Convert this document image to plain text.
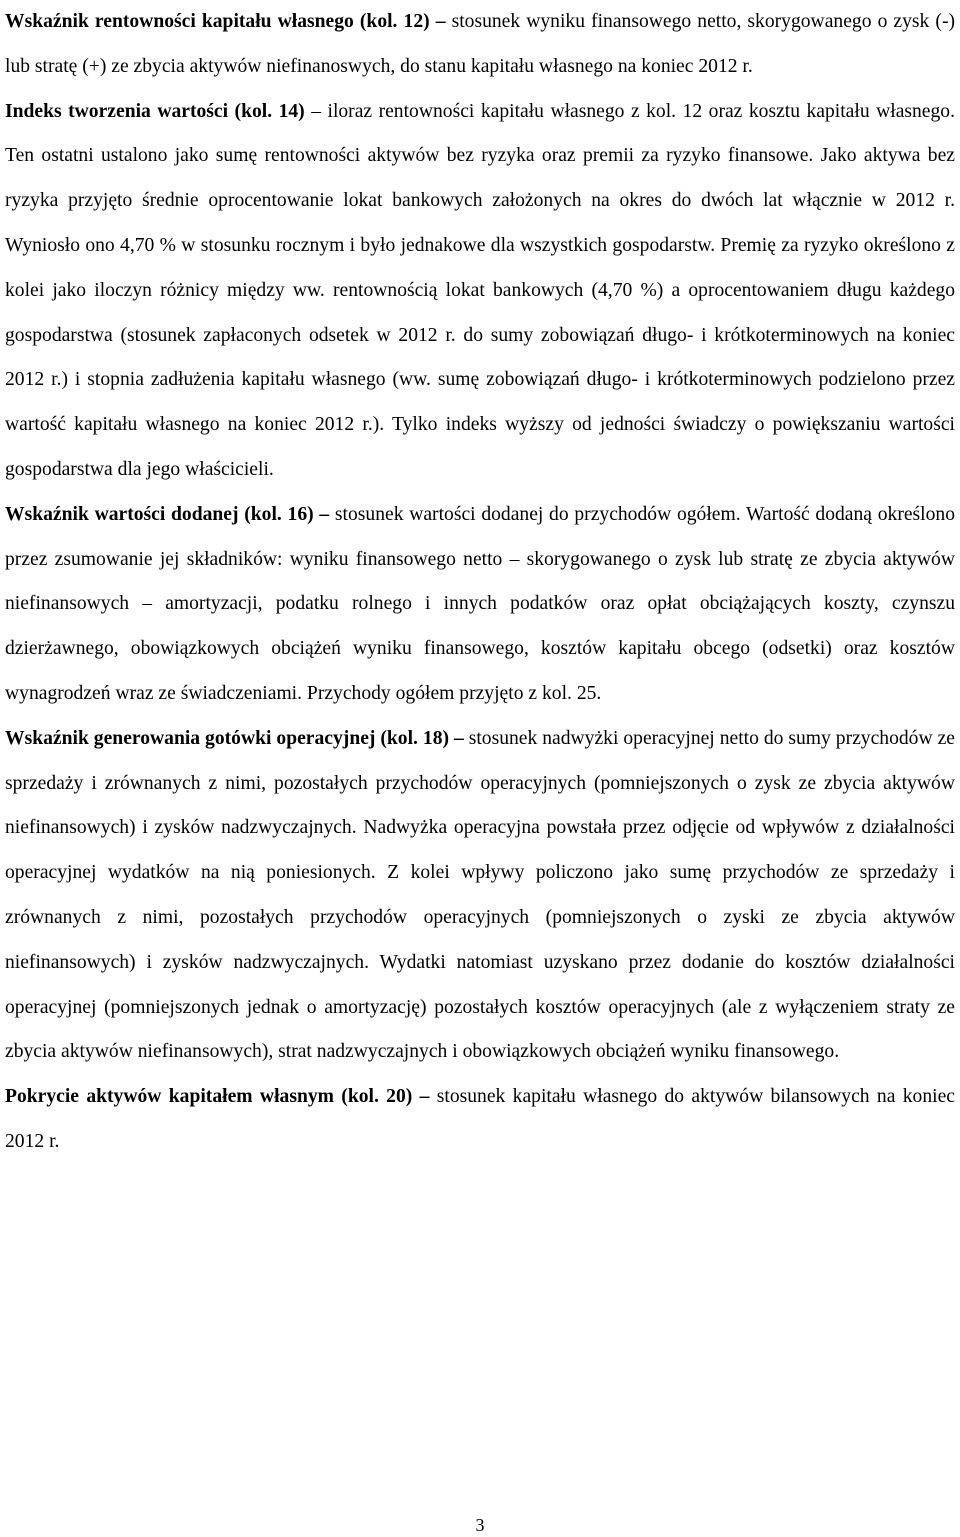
Wskaźnik rentowności kapitału własnego (kol. 12) – stosunek wyniku finansowego netto, skorygowanego o zysk (-) lub stratę (+) ze zbycia aktywów niefinanoswych, do stanu kapitału własnego na koniec 2012 r.

Indeks tworzenia wartości (kol. 14) – iloraz rentowności kapitału własnego z kol. 12 oraz kosztu kapitału własnego. Ten ostatni ustalono jako sumę rentowności aktywów bez ryzyka oraz premii za ryzyko finansowe. Jako aktywa bez ryzyka przyjęto średnie oprocentowanie lokat bankowych założonych na okres do dwóch lat włącznie w 2012 r. Wyniosło ono 4,70 % w stosunku rocznym i było jednakowe dla wszystkich gospodarstw. Premię za ryzyko określono z kolei jako iloczyn różnicy między ww. rentownością lokat bankowych (4,70 %) a oprocentowaniem długu każdego gospodarstwa (stosunek zapłaconych odsetek w 2012 r. do sumy zobowiązań długo- i krótkoterminowych na koniec 2012 r.) i stopnia zadłużenia kapitału własnego (ww. sumę zobowiązań długo- i krótkoterminowych podzielono przez wartość kapitału własnego na koniec 2012 r.). Tylko indeks wyższy od jedności świadczy o powiększaniu wartości gospodarstwa dla jego właścicieli.

Wskaźnik wartości dodanej (kol. 16) – stosunek wartości dodanej do przychodów ogółem. Wartość dodaną określono przez zsumowanie jej składników: wyniku finansowego netto – skorygowanego o zysk lub stratę ze zbycia aktywów niefinansowych – amortyzacji, podatku rolnego i innych podatków oraz opłat obciążających koszty, czynszu dzierżawnego, obowiązkowych obciążeń wyniku finansowego, kosztów kapitału obcego (odsetki) oraz kosztów wynagrodzeń wraz ze świadczeniami. Przychody ogółem przyjęto z kol. 25.

Wskaźnik generowania gotówki operacyjnej (kol. 18) – stosunek nadwyżki operacyjnej netto do sumy przychodów ze sprzedaży i zrównanych z nimi, pozostałych przychodów operacyjnych (pomniejszonych o zysk ze zbycia aktywów niefinansowych) i zysków nadzwyczajnych. Nadwyżka operacyjna powstała przez odjęcie od wpływów z działalności operacyjnej wydatków na nią poniesionych. Z kolei wpływy policzono jako sumę przychodów ze sprzedaży i zrównanych z nimi, pozostałych przychodów operacyjnych (pomniejszonych o zyski ze zbycia aktywów niefinansowych) i zysków nadzwyczajnych. Wydatki natomiast uzyskano przez dodanie do kosztów działalności operacyjnej (pomniejszonych jednak o amortyzację) pozostałych kosztów operacyjnych (ale z wyłączeniem straty ze zbycia aktywów niefinansowych), strat nadzwyczajnych i obowiązkowych obciążeń wyniku finansowego.

Pokrycie aktywów kapitałem własnym (kol. 20) – stosunek kapitału własnego do aktywów bilansowych na koniec 2012 r.

3
